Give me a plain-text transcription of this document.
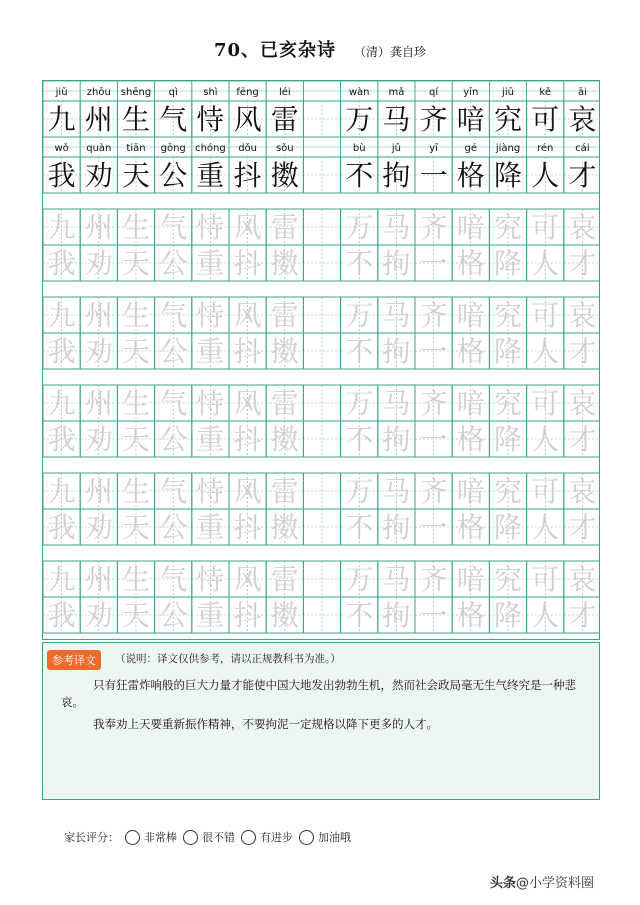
70、已亥杂诗 （清）龚自珍
jiǔ
九
zhōu
州
shēng
生
qì
气
shì
恃
fēng
风
léi
雷
wàn
万
mǎ
马
qí
齐
yīn
喑
jiū
究
kě
可
āi
哀
wǒ
我
quàn
劝
tiān
天
gōng
公
chóng
重
dǒu
抖
sǒu
擞
bù
不
jū
拘
yī
一
gé
格
jiàng
降
rén
人
cái
才
九 州 生 气 恃 风 雷 万 马 齐 喑 究 可 哀
我 劝 天 公 重 抖 擞 不 拘 一 格 降 人 才
九 州 生 气 恃 风 雷 万 马 齐 喑 究 可 哀
我 劝 天 公 重 抖 擞 不 拘 一 格 降 人 才
九 州 生 气 恃 风 雷 万 马 齐 喑 究 可 哀
我 劝 天 公 重 抖 擞 不 拘 一 格 降 人 才
九 州 生 气 恃 风 雷 万 马 齐 喑 究 可 哀
我 劝 天 公 重 抖 擞 不 拘 一 格 降 人 才
九 州 生 气 恃 风 雷 万 马 齐 喑 究 可 哀
我 劝 天 公 重 抖 擞 不 拘 一 格 降 人 才
参考译文	（说明：译文仅供参考，请以正规教科书为准。）

只有狂雷炸响般的巨大力量才能使中国大地发出勃勃生机，然而社会政局毫无生气终究是一种悲哀。

我奉劝上天要重新振作精神，不要拘泥一定规格以降下更多的人才。

家长评分： 非常棒 很不错 有进步 加油哦
头条@小学资料圈
